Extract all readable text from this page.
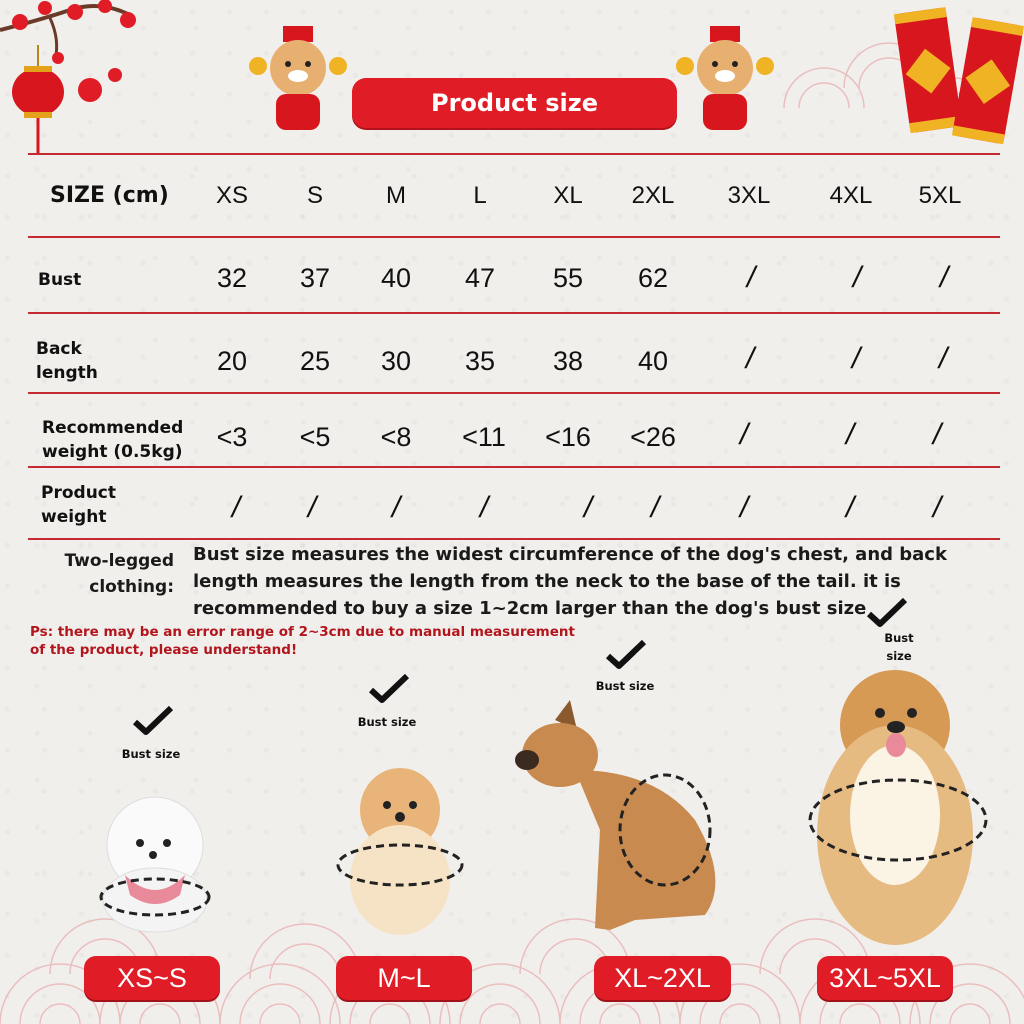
Product size
SIZE (cm) XS S	M	L	XL 2XL 3XL 4XL 5XL
Bust	32 37 40 47 55 62	/	/	/
Back length	20 25 30 35 38 40	/	/	/
Recommended weight (0.5kg)	<3 <5 <8 <11 <16 <26 /	/	/
Product weight	/ /	/	/	/ /	/	/	/
Two-legged clothing:
Bust size measures the widest circumference of the dog's chest, and back length measures the length from the neck to the base of the tail. it is recommended to buy a size 1~2cm larger than the dog's bust size
Ps: there may be an error range of 2~3cm due to manual measurement of the product, please understand!
Bust size
Bust size
Bust size
Bust size
XS~S	M~L	XL~2XL	3XL~5XL
